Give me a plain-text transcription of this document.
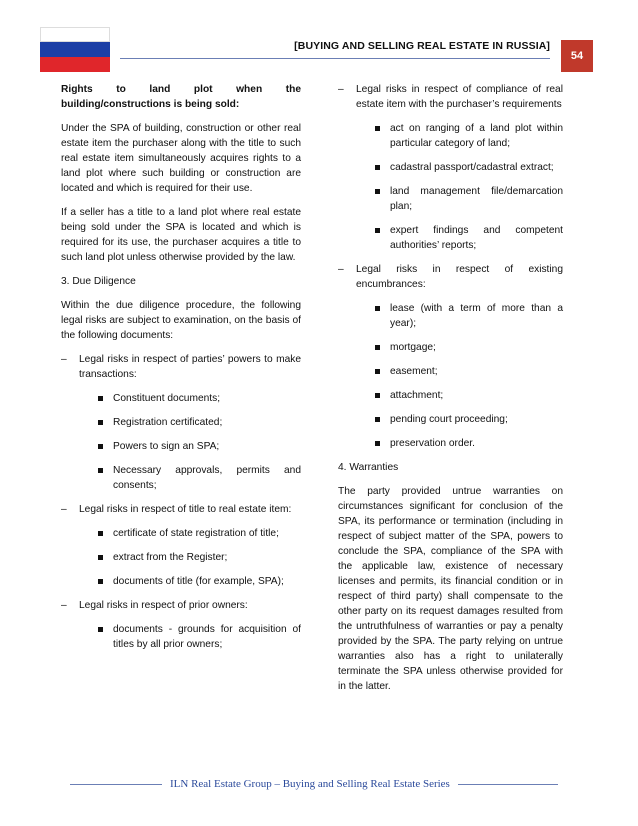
[BUYING AND SELLING REAL ESTATE IN RUSSIA]
54

Rights to land plot when the building/constructions is being sold:

Under the SPA of building, construction or other real estate item the purchaser along with the title to such real estate item simultaneously acquires rights to a land plot where such building or construction are located and which is required for their use.

If a seller has a title to a land plot where real estate being sold under the SPA is located and which is required for its use, the purchaser acquires a title to such land plot unless otherwise provided by the law.

3. Due Diligence

Within the due diligence procedure, the following legal risks are subject to examination, on the basis of the following documents:

– Legal risks in respect of parties’ powers to make transactions:
Constituent documents;
Registration certificated;
Powers to sign an SPA;
Necessary approvals, permits and consents;
– Legal risks in respect of title to real estate item:
certificate of state registration of title;
extract from the Register;
documents of title (for example, SPA);
– Legal risks in respect of prior owners:
documents - grounds for acquisition of titles by all prior owners;
– Legal risks in respect of compliance of real estate item with the purchaser’s requirements
act on ranging of a land plot within particular category of land;
cadastral passport/cadastral extract;
land management file/demarcation plan;
expert findings and competent authorities’ reports;
– Legal risks in respect of existing encumbrances:
lease (with a term of more than a year);
mortgage;
easement;
attachment;
pending court proceeding;
preservation order.

4. Warranties

The party provided untrue warranties on circumstances significant for conclusion of the SPA, its performance or termination (including in respect of subject matter of the SPA, powers to conclude the SPA, compliance of the SPA with the applicable law, existence of necessary licenses and permits, its financial condition or in respect of third party) shall compensate to the other party on its request damages resulted from the untruthfulness of warranties or pay a penalty provided by the SPA. The party relying on untrue warranties also has a right to unilaterally terminate the SPA unless otherwise provided for in the latter.

ILN Real Estate Group – Buying and Selling Real Estate Series
